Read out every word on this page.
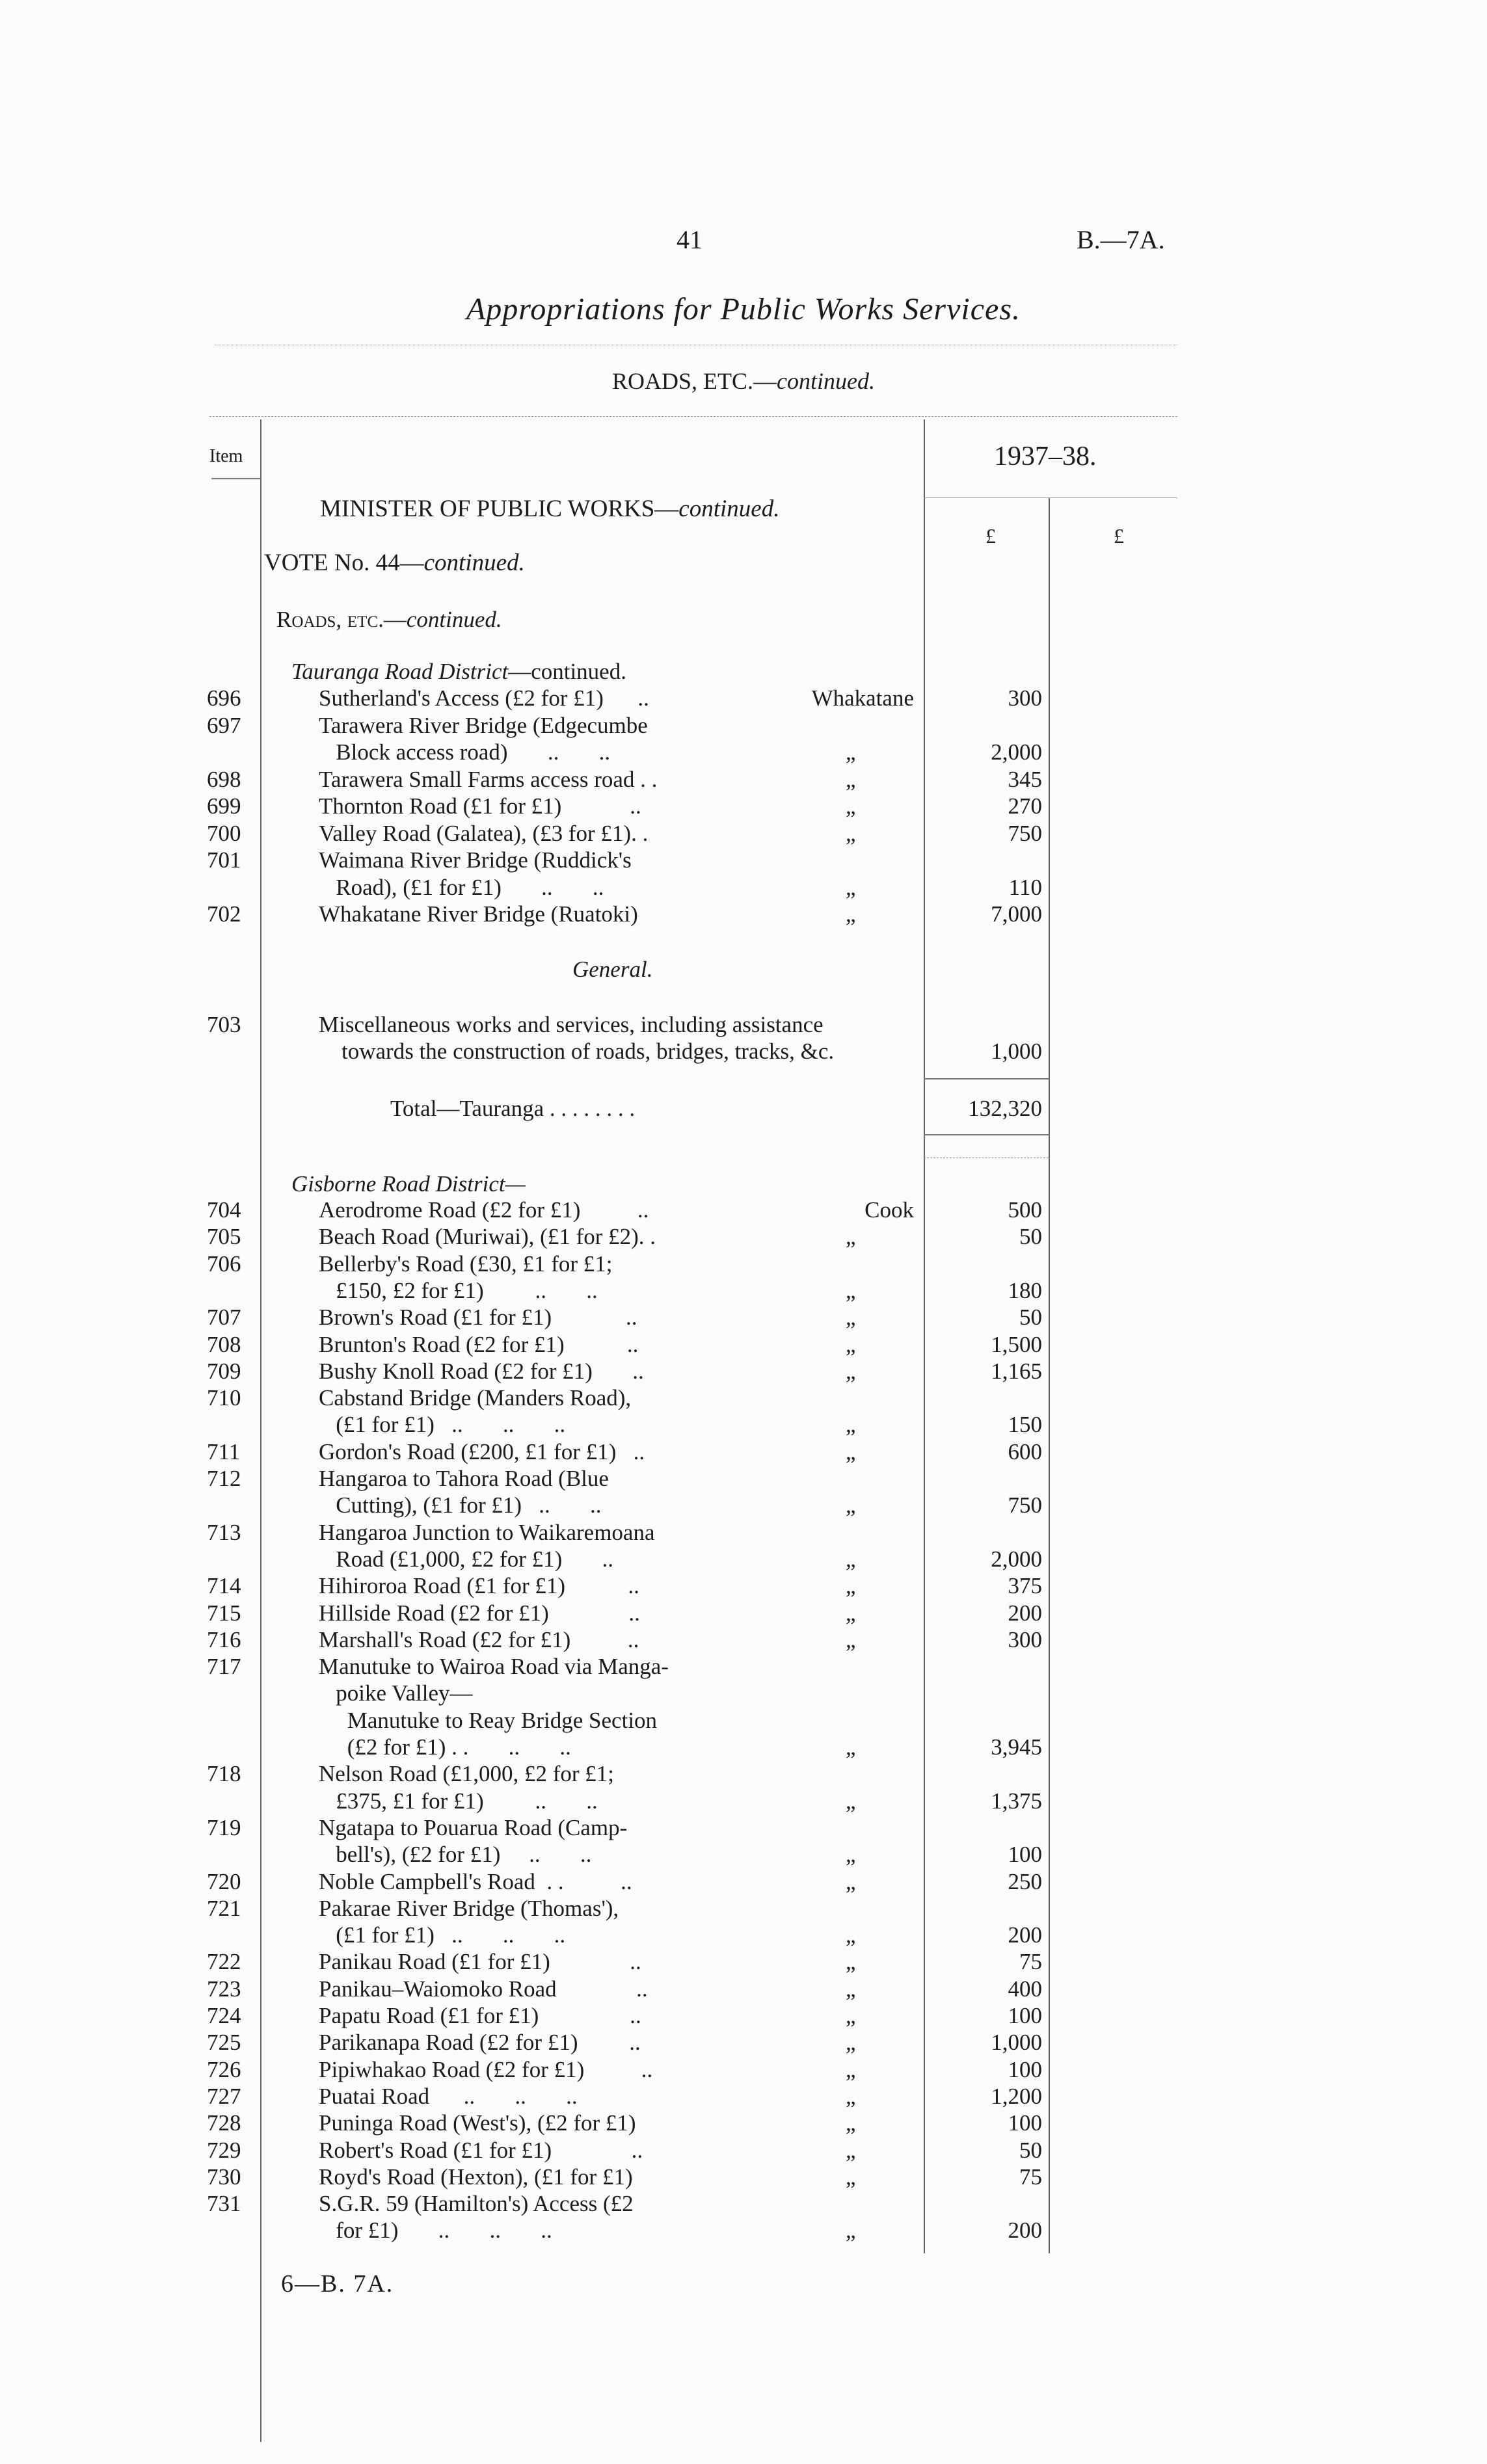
41	B.—7A.
Appropriations for Public Works Services.
ROADS, ETC.—continued.
Item	1937–38.
£	£
MINISTER OF PUBLIC WORKS—continued.
VOTE No. 44—continued.
Roads, etc.—continued.
Tauranga Road District—continued.
696	Sutherland's Access (£2 for £1)      ..	Whakatane	300
697	Tarawera River Bridge (Edgecumbe
Block access road)       ..       ..	„	2,000
698	Tarawera Small Farms access road . .	„	345
699	Thornton Road (£1 for £1)            ..	„	270
700	Valley Road (Galatea), (£3 for £1). .	„	750
701	Waimana River Bridge (Ruddick's
Road), (£1 for £1)       ..       ..	„	110
702	Whakatane River Bridge (Ruatoki)	„	7,000
General.
703	Miscellaneous works and services, including assistance
towards the construction of roads, bridges, tracks, &c.	1,000
Total—Tauranga . . . . . . . .	132,320
Gisborne Road District—
704	Aerodrome Road (£2 for £1)          ..	Cook	500
705	Beach Road (Muriwai), (£1 for £2). .	„	50
706	Bellerby's Road (£30, £1 for £1;
£150, £2 for £1)         ..       ..	„	180
707	Brown's Road (£1 for £1)             ..	„	50
708	Brunton's Road (£2 for £1)           ..	„	1,500
709	Bushy Knoll Road (£2 for £1)       ..	„	1,165
710	Cabstand Bridge (Manders Road),
(£1 for £1)   ..       ..       ..	„	150
711	Gordon's Road (£200, £1 for £1)   ..	„	600
712	Hangaroa to Tahora Road (Blue
Cutting), (£1 for £1)   ..       ..	„	750
713	Hangaroa Junction to Waikaremoana
Road (£1,000, £2 for £1)       ..	„	2,000
714	Hihiroroa Road (£1 for £1)           ..	„	375
715	Hillside Road (£2 for £1)              ..	„	200
716	Marshall's Road (£2 for £1)          ..	„	300
717	Manutuke to Wairoa Road via Manga-
poike Valley—
Manutuke to Reay Bridge Section
(£2 for £1) . .       ..       ..	„	3,945
718	Nelson Road (£1,000, £2 for £1;
£375, £1 for £1)         ..       ..	„	1,375
719	Ngatapa to Pouarua Road (Camp-
bell's), (£2 for £1)     ..       ..	„	100
720	Noble Campbell's Road  . .          ..	„	250
721	Pakarae River Bridge (Thomas'),
(£1 for £1)   ..       ..       ..	„	200
722	Panikau Road (£1 for £1)              ..	„	75
723	Panikau–Waiomoko Road              ..	„	400
724	Papatu Road (£1 for £1)                ..	„	100
725	Parikanapa Road (£2 for £1)         ..	„	1,000
726	Pipiwhakao Road (£2 for £1)          ..	„	100
727	Puatai Road      ..       ..       ..	„	1,200
728	Puninga Road (West's), (£2 for £1)	„	100
729	Robert's Road (£1 for £1)              ..	„	50
730	Royd's Road (Hexton), (£1 for £1)	„	75
731	S.G.R. 59 (Hamilton's) Access (£2
for £1)       ..       ..       ..	„	200
6—B. 7A.
